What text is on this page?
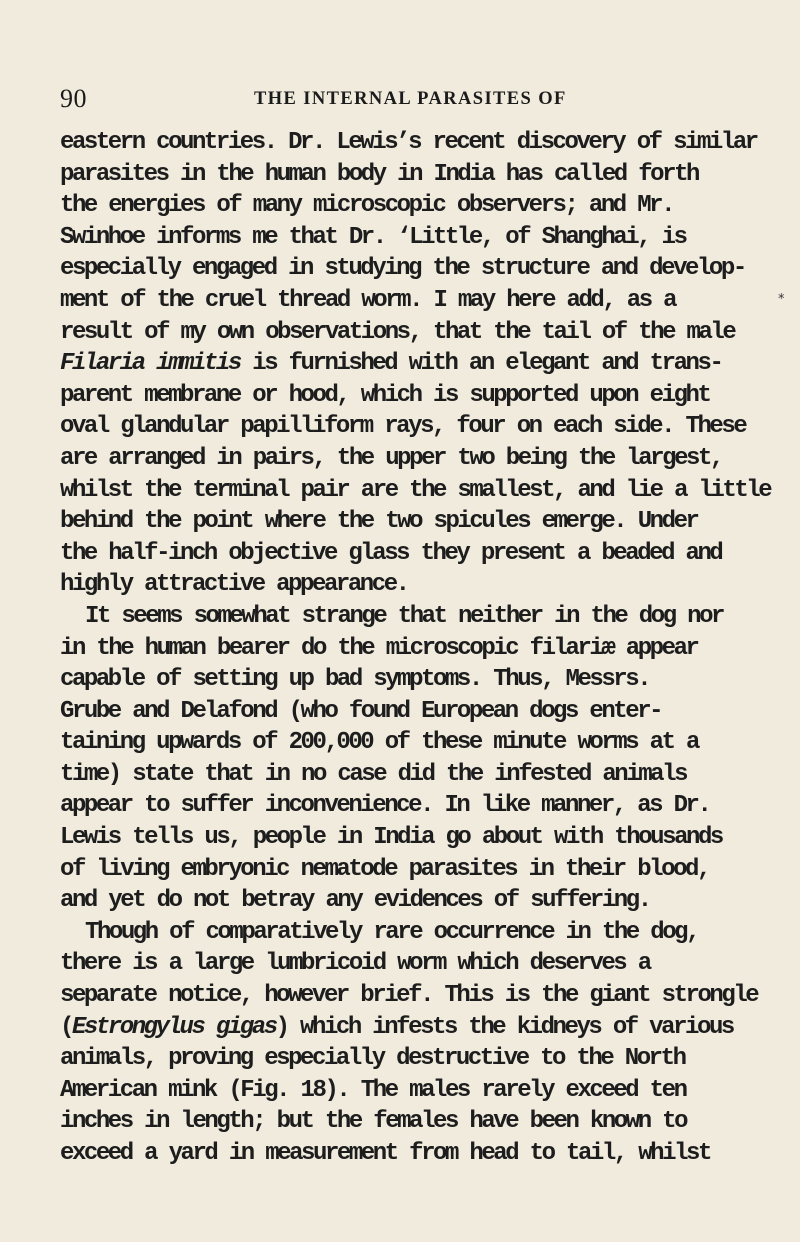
90	THE INTERNAL PARASITES OF
*
eastern countries. Dr. Lewis’s recent discovery of similar
parasites in the human body in India has called forth
the energies of many microscopic observers; and Mr.
Swinhoe informs me that Dr. ‘Little, of Shanghai, is
especially engaged in studying the structure and develop-
ment of the cruel thread worm. I may here add, as a
result of my own observations, that the tail of the male
Filaria immitis is furnished with an elegant and trans-
parent membrane or hood, which is supported upon eight
oval glandular papilliform rays, four on each side. These
are arranged in pairs, the upper two being the largest,
whilst the terminal pair are the smallest, and lie a little
behind the point where the two spicules emerge. Under
the half-inch objective glass they present a beaded and
highly attractive appearance.
It seems somewhat strange that neither in the dog nor
in the human bearer do the microscopic filariæ appear
capable of setting up bad symptoms. Thus, Messrs.
Grube and Delafond (who found European dogs enter-
taining upwards of 200,000 of these minute worms at a
time) state that in no case did the infested animals
appear to suffer inconvenience. In like manner, as Dr.
Lewis tells us, people in India go about with thousands
of living embryonic nematode parasites in their blood,
and yet do not betray any evidences of suffering.
Though of comparatively rare occurrence in the dog,
there is a large lumbricoid worm which deserves a
separate notice, however brief. This is the giant strongle
(Estrongylus gigas) which infests the kidneys of various
animals, proving especially destructive to the North
American mink (Fig. 18). The males rarely exceed ten
inches in length; but the females have been known to
exceed a yard in measurement from head to tail, whilst
